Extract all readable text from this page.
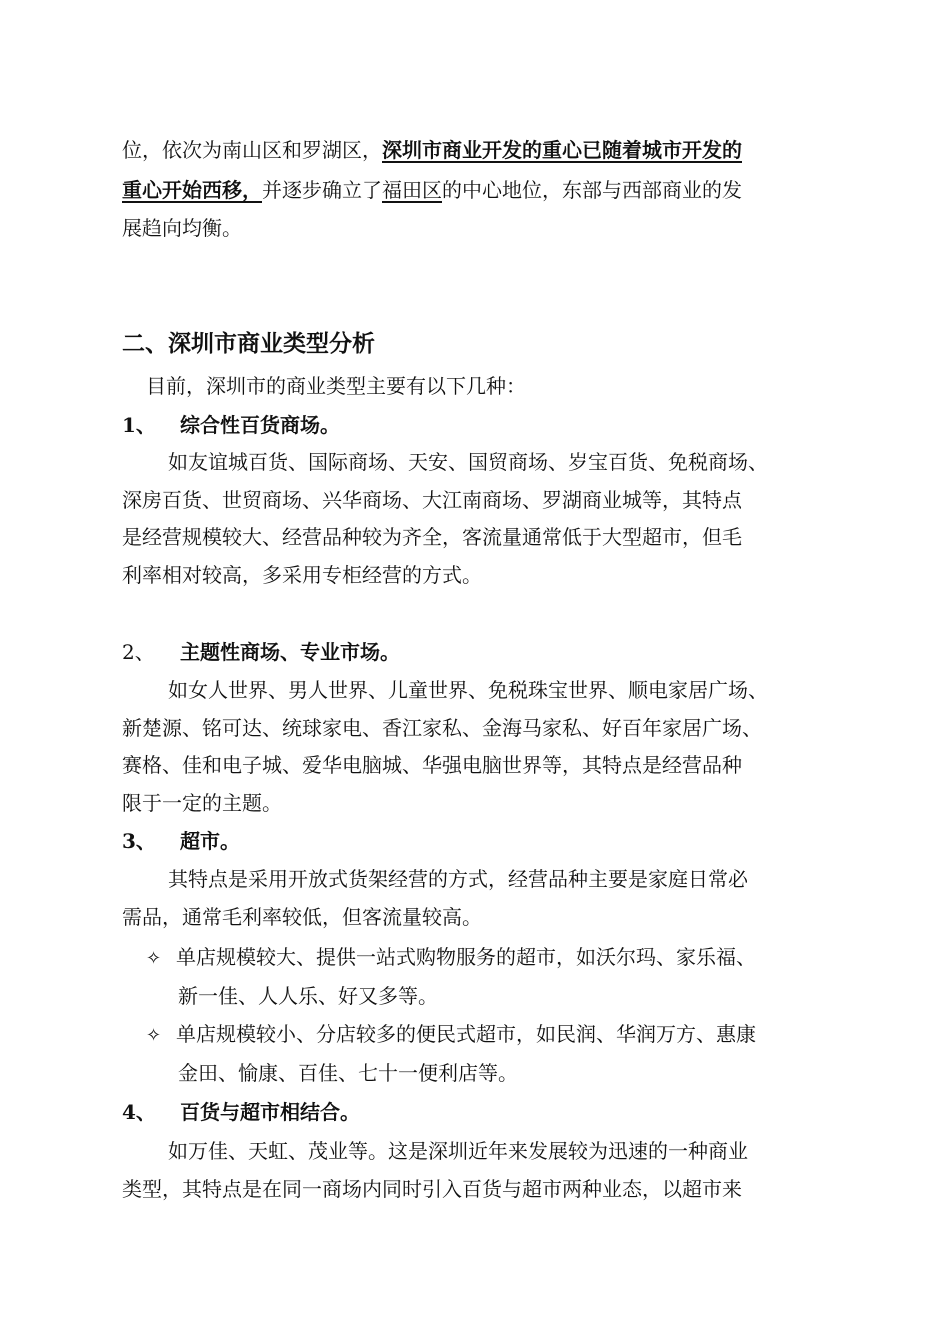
位，依次为南山区和罗湖区，深圳市商业开发的重心已随着城市开发的
重心开始西移，并逐步确立了福田区的中心地位，东部与西部商业的发
展趋向均衡。
二、深圳市商业类型分析
目前，深圳市的商业类型主要有以下几种：
1、 综合性百货商场。
如友谊城百货、国际商场、天安、国贸商场、岁宝百货、免税商场、
深房百货、世贸商场、兴华商场、大江南商场、罗湖商业城等，其特点
是经营规模较大、经营品种较为齐全，客流量通常低于大型超市，但毛
利率相对较高，多采用专柜经营的方式。
2、 主题性商场、专业市场。
如女人世界、男人世界、儿童世界、免税珠宝世界、顺电家居广场、
新楚源、铭可达、统球家电、香江家私、金海马家私、好百年家居广场、
赛格、佳和电子城、爱华电脑城、华强电脑世界等，其特点是经营品种
限于一定的主题。
3、 超市。
其特点是采用开放式货架经营的方式，经营品种主要是家庭日常必
需品，通常毛利率较低，但客流量较高。
✧ 单店规模较大、提供一站式购物服务的超市，如沃尔玛、家乐福、
新一佳、人人乐、好又多等。
✧ 单店规模较小、分店较多的便民式超市，如民润、华润万方、惠康
金田、愉康、百佳、七十一便利店等。
4、 百货与超市相结合。
如万佳、天虹、茂业等。这是深圳近年来发展较为迅速的一种商业
类型，其特点是在同一商场内同时引入百货与超市两种业态，以超市来
